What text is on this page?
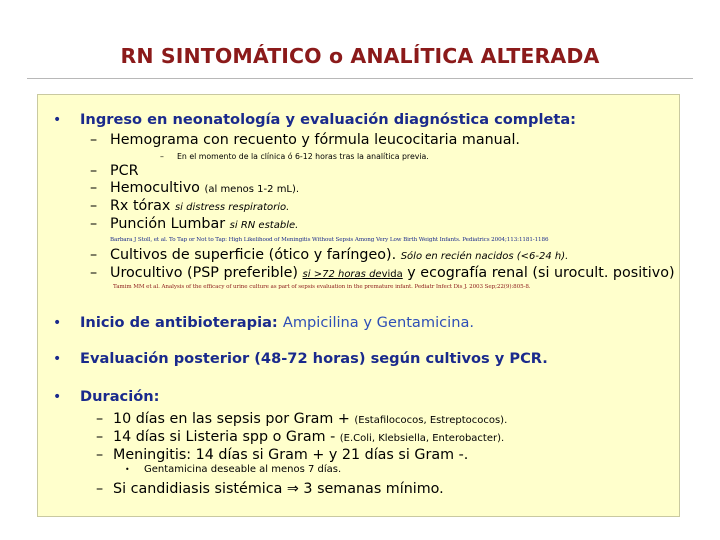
RN SINTOMÁTICO o ANALÍTICA ALTERADA
• Ingreso en neonatología y evaluación diagnóstica completa:
– Hemograma con recuento y fórmula leucocitaria manual.
– En el momento de la clínica ó 6-12 horas tras la analítica previa.
– PCR
– Hemocultivo (al menos 1-2 mL).
– Rx tórax si distress respiratorio.
– Punción Lumbar si RN estable.
Barbara J Stoll, et al. To Tap or Not to Tap: High Likelihood of Meningitis Without Sepsis Among Very Low Birth Weight Infants. Pediatrics 2004;113:1181-1186
– Cultivos de superficie (ótico y faríngeo). Sólo en recién nacidos (<6-24 h).
– Urocultivo (PSP preferible) si >72 horas devida y ecografía renal (si urocult. positivo)
Tamim MM et al. Analysis of the efficacy of urine culture as part of sepsis evaluation in the premature infant. Pediatr Infect Dis J. 2003 Sep;22(9):805-8.
• Inicio de antibioterapia: Ampicilina y Gentamicina.
• Evaluación posterior (48-72 horas) según cultivos y PCR.
• Duración:
– 10 días en las sepsis por Gram + (Estafilococos, Estreptococos).
– 14 días si Listeria spp o Gram - (E.Coli, Klebsiella, Enterobacter).
– Meningitis: 14 días si Gram + y 21 días si Gram -.
• Gentamicina deseable al menos 7 días.
– Si candidiasis sistémica ⇒ 3 semanas mínimo.
